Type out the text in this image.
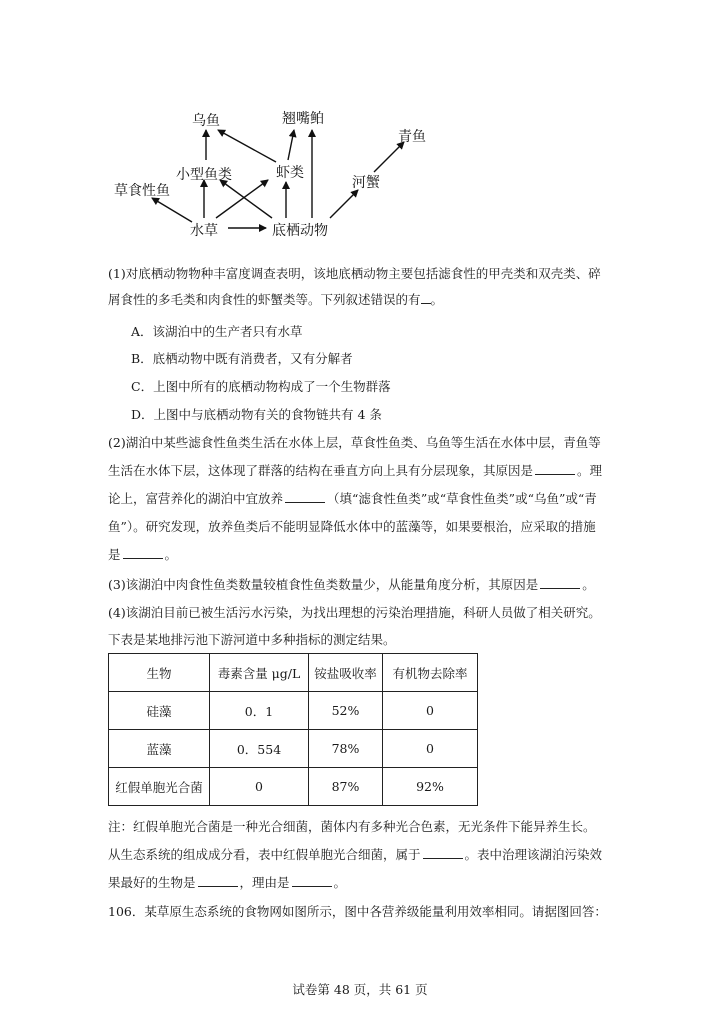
乌鱼	翘嘴鲌
青鱼
小型鱼类	虾类
河蟹
草食性鱼
水草	底栖动物
(1)对底栖动物物种丰富度调查表明，该地底栖动物主要包括滤食性的甲壳类和双壳类、碎
屑食性的多毛类和肉食性的虾蟹类等。下列叙述错误的有 。
A．该湖泊中的生产者只有水草
B．底栖动物中既有消费者，又有分解者
C．上图中所有的底栖动物构成了一个生物群落
D．上图中与底栖动物有关的食物链共有 4 条
(2)湖泊中某些滤食性鱼类生活在水体上层，草食性鱼类、乌鱼等生活在水体中层，青鱼等
生活在水体下层，这体现了群落的结构在垂直方向上具有分层现象，其原因是	。理
论上，富营养化的湖泊中宜放养	（填“滤食性鱼类”或“草食性鱼类”或“乌鱼”或“青
鱼”）。研究发现，放养鱼类后不能明显降低水体中的蓝藻等，如果要根治，应采取的措施
是	。
(3)该湖泊中肉食性鱼类数量较植食性鱼类数量少，从能量角度分析，其原因是	。
(4)该湖泊目前已被生活污水污染，为找出理想的污染治理措施，科研人员做了相关研究。
下表是某地排污池下游河道中多种指标的测定结果。
生物	毒素含量 μg/L	铵盐吸收率	有机物去除率
硅藻	0．1	52%	0
蓝藻	0．554	78%	0
红假单胞光合菌	0	87%	92%
注：红假单胞光合菌是一种光合细菌，菌体内有多种光合色素，无光条件下能异养生长。
从生态系统的组成成分看，表中红假单胞光合细菌，属于	。表中治理该湖泊污染效
果最好的生物是	，理由是	。
106．某草原生态系统的食物网如图所示，图中各营养级能量利用效率相同。请据图回答：
试卷第 48 页，共 61 页
